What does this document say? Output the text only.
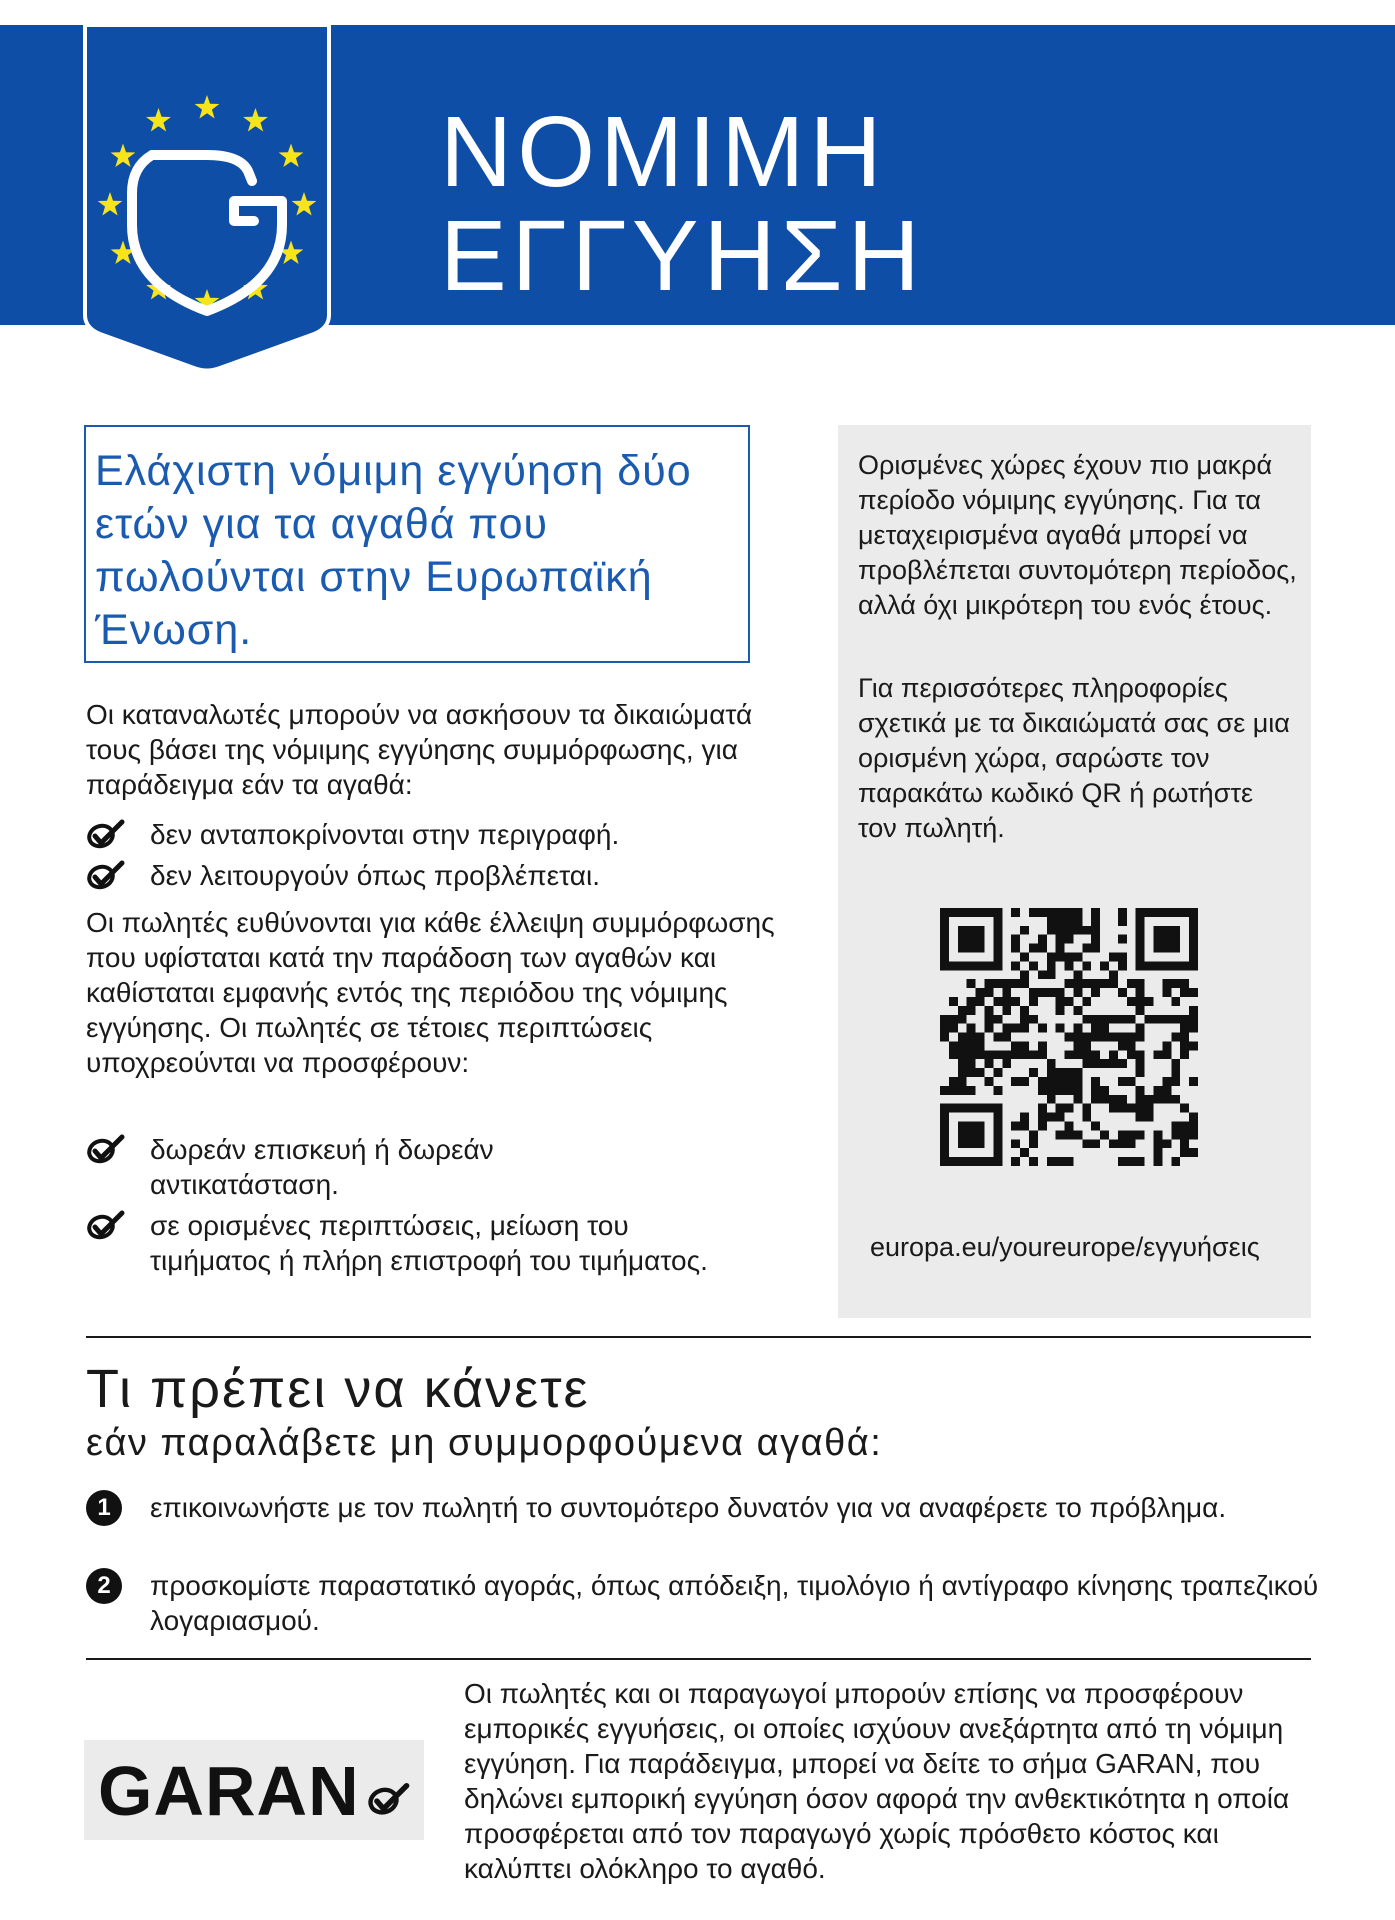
ΝΟΜΙΜΗ
ΕΓΓΥΗΣΗ
Ελάχιστη νόμιμη εγγύηση δύο ετών για τα αγαθά που πωλούνται στην Ευρωπαϊκή Ένωση.
Οι καταναλωτές μπορούν να ασκήσουν τα δικαιώματά τους βάσει της νόμιμης εγγύησης συμμόρφωσης, για παράδειγμα εάν τα αγαθά:
δεν ανταποκρίνονται στην περιγραφή.
δεν λειτουργούν όπως προβλέπεται.
Οι πωλητές ευθύνονται για κάθε έλλειψη συμμόρφωσης που υφίσταται κατά την παράδοση των αγαθών και καθίσταται εμφανής εντός της περιόδου της νόμιμης εγγύησης. Οι πωλητές σε τέτοιες περιπτώσεις υποχρεούνται να προσφέρουν:
δωρεάν επισκευή ή δωρεάν αντικατάσταση.
σε ορισμένες περιπτώσεις, μείωση του τιμήματος ή πλήρη επιστροφή του τιμήματος.
Ορισμένες χώρες έχουν πιο μακρά περίοδο νόμιμης εγγύησης. Για τα μεταχειρισμένα αγαθά μπορεί να προβλέπεται συντομότερη περίοδος, αλλά όχι μικρότερη του ενός έτους.
Για περισσότερες πληροφορίες σχετικά με τα δικαιώματά σας σε μια ορισμένη χώρα, σαρώστε τον παρακάτω κωδικό QR ή ρωτήστε τον πωλητή.
europa.eu/youreurope/εγγυήσεις
Τι πρέπει να κάνετε
εάν παραλάβετε μη συμμορφούμενα αγαθά:
1	επικοινωνήστε με τον πωλητή το συντομότερο δυνατόν για να αναφέρετε το πρόβλημα.
2	προσκομίστε παραστατικό αγοράς, όπως απόδειξη, τιμολόγιο ή αντίγραφο κίνησης τραπεζικού λογαριασμού.
GARAN
Οι πωλητές και οι παραγωγοί μπορούν επίσης να προσφέρουν εμπορικές εγγυήσεις, οι οποίες ισχύουν ανεξάρτητα από τη νόμιμη εγγύηση. Για παράδειγμα, μπορεί να δείτε το σήμα GARAN, που δηλώνει εμπορική εγγύηση όσον αφορά την ανθεκτικότητα η οποία προσφέρεται από τον παραγωγό χωρίς πρόσθετο κόστος και καλύπτει ολόκληρο το αγαθό.
